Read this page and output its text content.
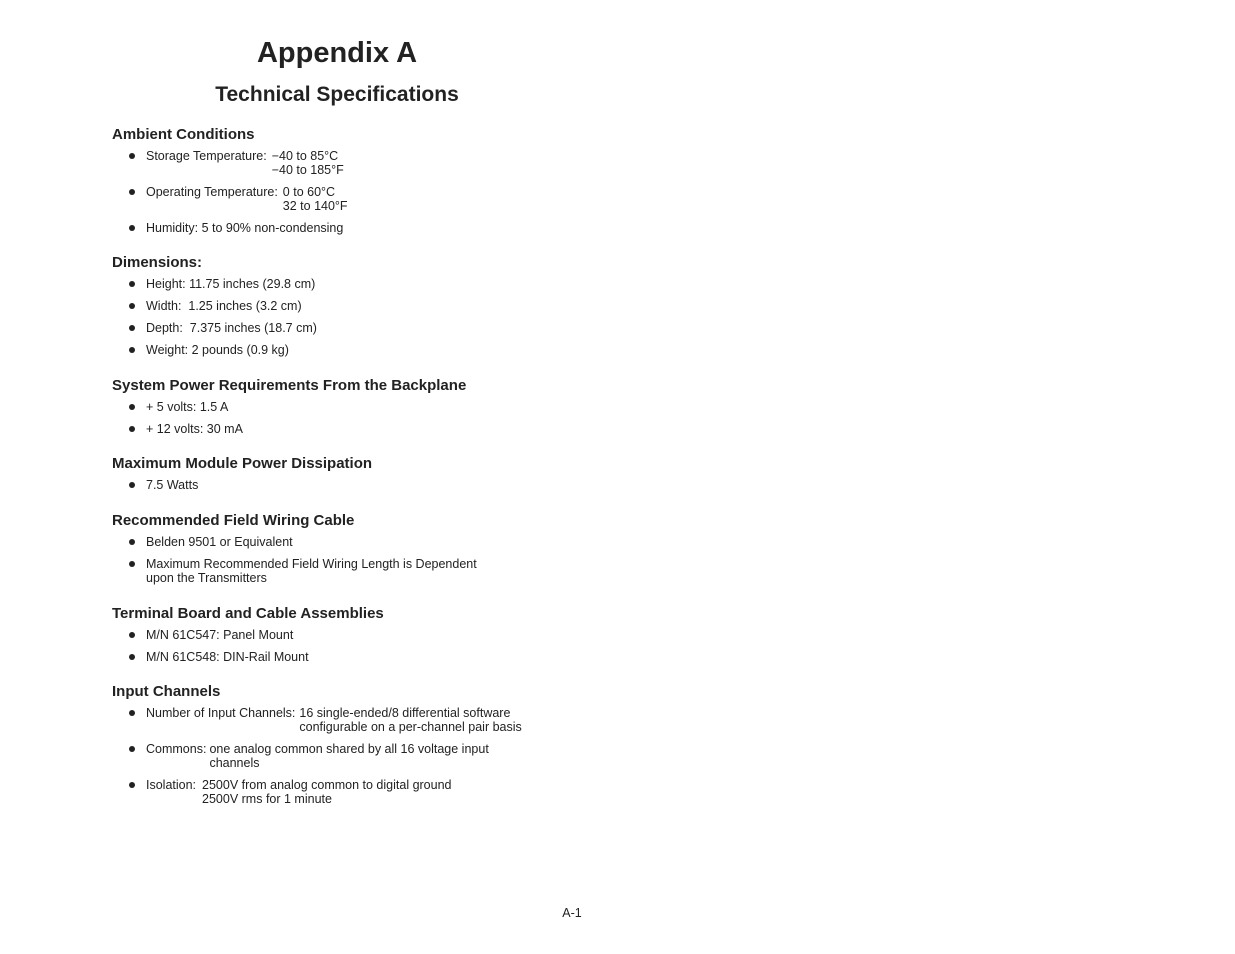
Appendix A
Technical Specifications
Ambient Conditions
Storage Temperature: −40 to 85°C
−40 to 185°F
Operating Temperature: 0 to 60°C
32 to 140°F
Humidity: 5 to 90% non-condensing
Dimensions:
Height: 11.75 inches (29.8 cm)
Width:  1.25 inches (3.2 cm)
Depth:  7.375 inches (18.7 cm)
Weight: 2 pounds (0.9 kg)
System Power Requirements From the Backplane
+ 5 volts: 1.5 A
+ 12 volts: 30 mA
Maximum Module Power Dissipation
7.5 Watts
Recommended Field Wiring Cable
Belden 9501 or Equivalent
Maximum Recommended Field Wiring Length is Dependent
upon the Transmitters
Terminal Board and Cable Assemblies
M/N 61C547: Panel Mount
M/N 61C548: DIN-Rail Mount
Input Channels
Number of Input Channels: 16 single-ended/8 differential software
configurable on a per-channel pair basis
Commons: one analog common shared by all 16 voltage input
channels
Isolation: 2500V from analog common to digital ground
2500V rms for 1 minute
A-1
